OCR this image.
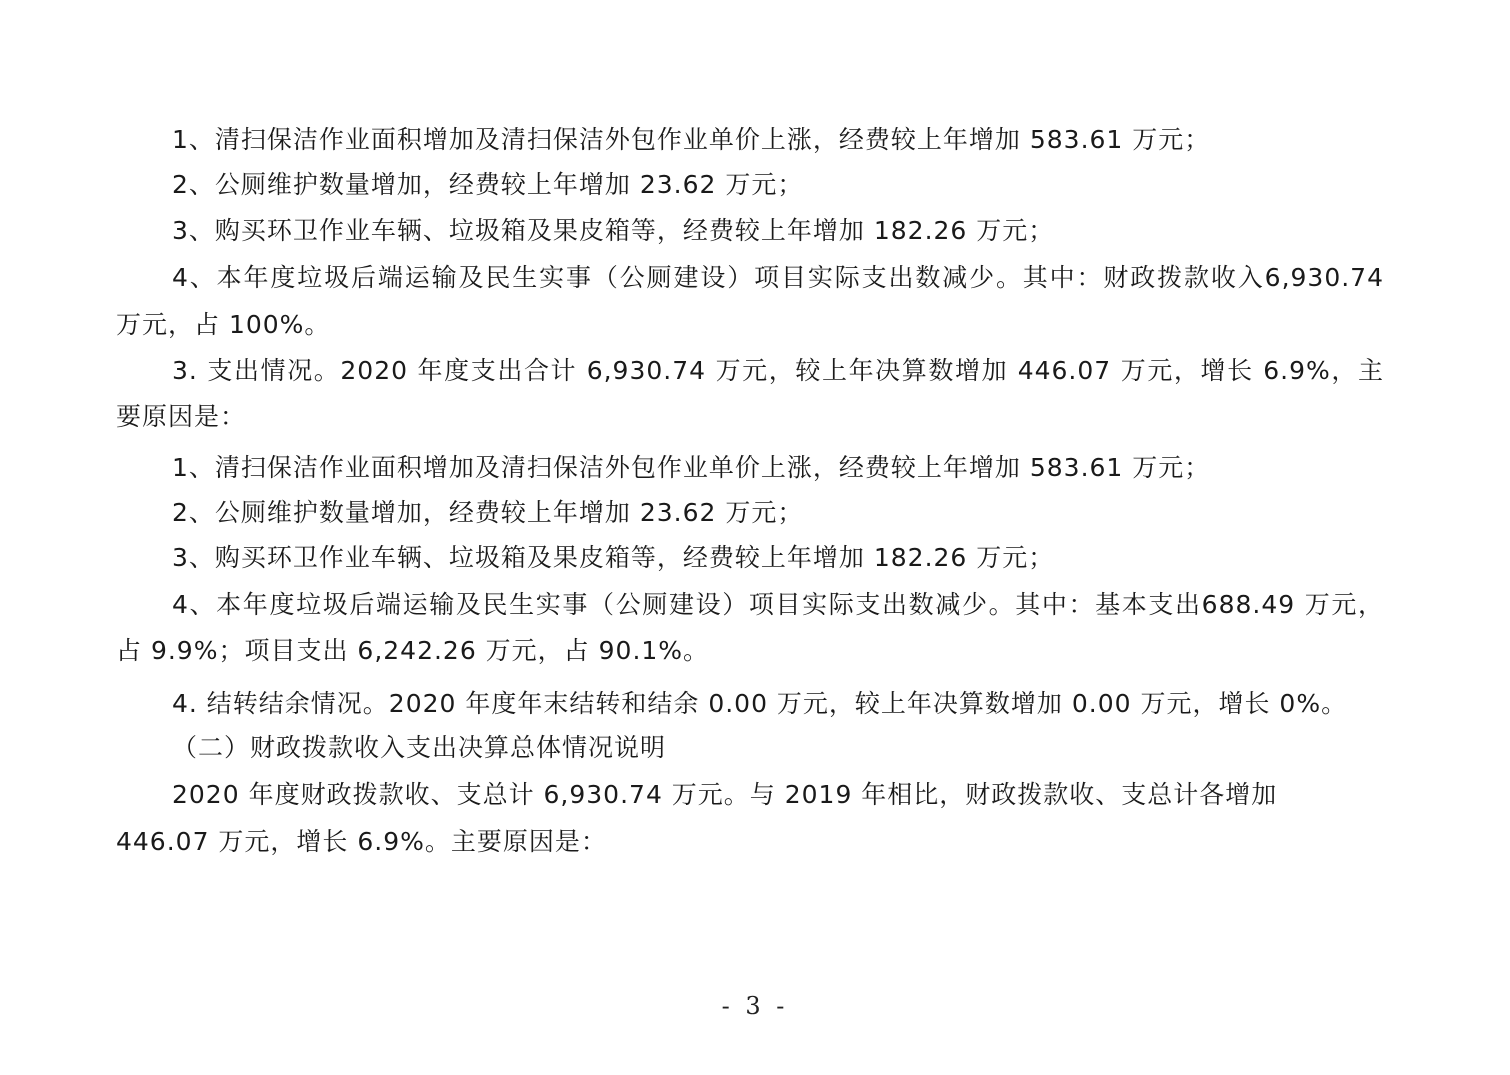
1、清扫保洁作业面积增加及清扫保洁外包作业单价上涨，经费较上年增加 583.61 万元；
2、公厕维护数量增加，经费较上年增加 23.62 万元；
3、购买环卫作业车辆、垃圾箱及果皮箱等，经费较上年增加 182.26 万元；
4、本年度垃圾后端运输及民生实事（公厕建设）项目实际支出数减少。其中：财政拨款收入6,930.74
万元，占 100%。
3. 支出情况。2020 年度支出合计 6,930.74 万元，较上年决算数增加 446.07 万元，增长 6.9%，主
要原因是：
1、清扫保洁作业面积增加及清扫保洁外包作业单价上涨，经费较上年增加 583.61 万元；
2、公厕维护数量增加，经费较上年增加 23.62 万元；
3、购买环卫作业车辆、垃圾箱及果皮箱等，经费较上年增加 182.26 万元；
4、本年度垃圾后端运输及民生实事（公厕建设）项目实际支出数减少。其中：基本支出688.49 万元，
占 9.9%；项目支出 6,242.26 万元，占 90.1%。
4. 结转结余情况。2020 年度年末结转和结余 0.00 万元，较上年决算数增加 0.00 万元，增长 0%。
（二）财政拨款收入支出决算总体情况说明
2020 年度财政拨款收、支总计 6,930.74 万元。与 2019 年相比，财政拨款收、支总计各增加
446.07 万元，增长 6.9%。主要原因是：
- 3 -
